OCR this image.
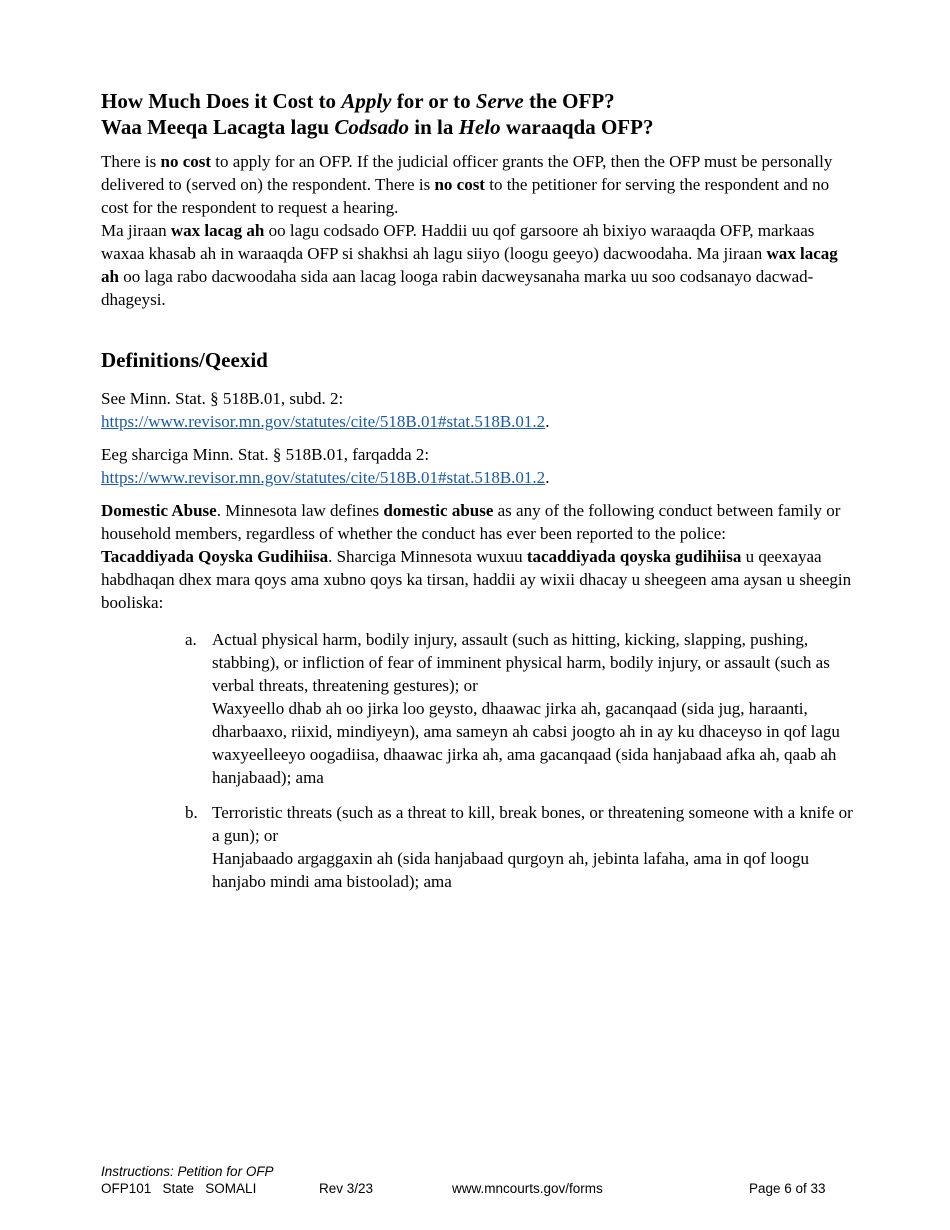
How Much Does it Cost to Apply for or to Serve the OFP?
Waa Meeqa Lacagta lagu Codsado in la Helo waraaqda OFP?

There is no cost to apply for an OFP. If the judicial officer grants the OFP, then the OFP must be personally delivered to (served on) the respondent. There is no cost to the petitioner for serving the respondent and no cost for the respondent to request a hearing.

Ma jiraan wax lacag ah oo lagu codsado OFP. Haddii uu qof garsoore ah bixiyo waraaqda OFP, markaas waxaa khasab ah in waraaqda OFP si shakhsi ah lagu siiyo (loogu geeyo) dacwoodaha. Ma jiraan wax lacag ah oo laga rabo dacwoodaha sida aan lacag looga rabin dacweysanaha marka uu soo codsanayo dacwad-dhageysi.

Definitions/Qeexid

See Minn. Stat. § 518B.01, subd. 2:
https://www.revisor.mn.gov/statutes/cite/518B.01#stat.518B.01.2.

Eeg sharciga Minn. Stat. § 518B.01, farqadda 2:
https://www.revisor.mn.gov/statutes/cite/518B.01#stat.518B.01.2.

Domestic Abuse. Minnesota law defines domestic abuse as any of the following conduct between family or household members, regardless of whether the conduct has ever been reported to the police:

Tacaddiyada Qoyska Gudihiisa. Sharciga Minnesota wuxuu tacaddiyada qoyska gudihiisa u qeexayaa habdhaqan dhex mara qoys ama xubno qoys ka tirsan, haddii ay wixii dhacay u sheegeen ama aysan u sheegin booliska:

a. Actual physical harm, bodily injury, assault (such as hitting, kicking, slapping, pushing, stabbing), or infliction of fear of imminent physical harm, bodily injury, or assault (such as verbal threats, threatening gestures); or
Waxyeello dhab ah oo jirka loo geysto, dhaawac jirka ah, gacanqaad (sida jug, haraanti, dharbaaxo, riixid, mindiyeyn), ama sameyn ah cabsi joogto ah in ay ku dhaceyso in qof lagu waxyeelleeyo oogadiisa, dhaawac jirka ah, ama gacanqaad (sida hanjabaad afka ah, qaab ah hanjabaad); ama
b. Terroristic threats (such as a threat to kill, break bones, or threatening someone with a knife or a gun); or
Hanjabaado argaggaxin ah (sida hanjabaad qurgoyn ah, jebinta lafaha, ama in qof loogu hanjabo mindi ama bistoolad); ama
Instructions: Petition for OFP
OFP101   State   SOMALI	Rev 3/23	www.mncourts.gov/forms	Page 6 of 33
